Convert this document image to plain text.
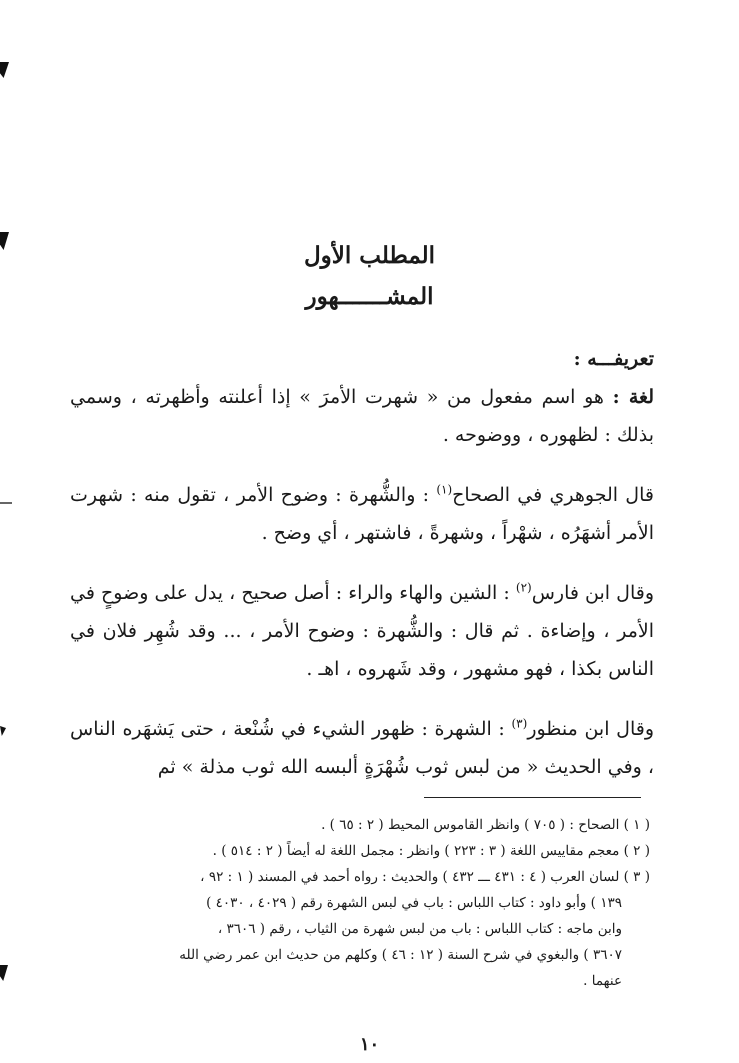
المطلب الأول
المشـــــــهور

تعريفـــه :

لغة : هو اسم مفعول من « شهرت الأمرَ » إذا أعلنته وأظهرته ، وسمي بذلك : لظهوره ، ووضوحه .

قال الجوهري في الصحاح$^{(١)}$ : والشُّهرة : وضوح الأمر ، تقول منه : شهرت الأمر أشهَرُه ، شهْراً ، وشهرةً ، فاشتهر ، أي وضح .

وقال ابن فارس$^{(٢)}$ : الشين والهاء والراء : أصل صحيح ، يدل على وضوحٍ في الأمر ، وإضاءة . ثم قال : والشُّهرة : وضوح الأمر ، ... وقد شُهِر فلان في الناس بكذا ، فهو مشهور ، وقد شَهروه ، اهـ .

وقال ابن منظور$^{(٣)}$ : الشهرة : ظهور الشيء في شُنْعة ، حتى يَشهَره الناس ، وفي الحديث « من لبس ثوب شُهْرَةٍ ألبسه الله ثوب مذلة » ثم

( ١ ) الصحاح : ( ٧٠٥ ) وانظر القاموس المحيط ( ٢ : ٦٥ ) .

( ٢ ) معجم مقاييس اللغة ( ٣ : ٢٢٣ ) وانظر : مجمل اللغة له أيضاً ( ٢ : ٥١٤ ) .

( ٣ ) لسان العرب ( ٤ : ٤٣١ ـــ ٤٣٢ ) والحديث : رواه أحمد في المسند ( ١ : ٩٢ ،

١٣٩ ) وأبو داود : كتاب اللباس : باب في لبس الشهرة رقم ( ٤٠٢٩ ، ٤٠٣٠ )

وابن ماجه : كتاب اللباس : باب من لبس شهرة من الثياب ، رقم ( ٣٦٠٦ ،

٣٦٠٧ ) والبغوي في شرح السنة ( ١٢ : ٤٦ ) وكلهم من حديث ابن عمر رضي الله

عنهما .

١٠
